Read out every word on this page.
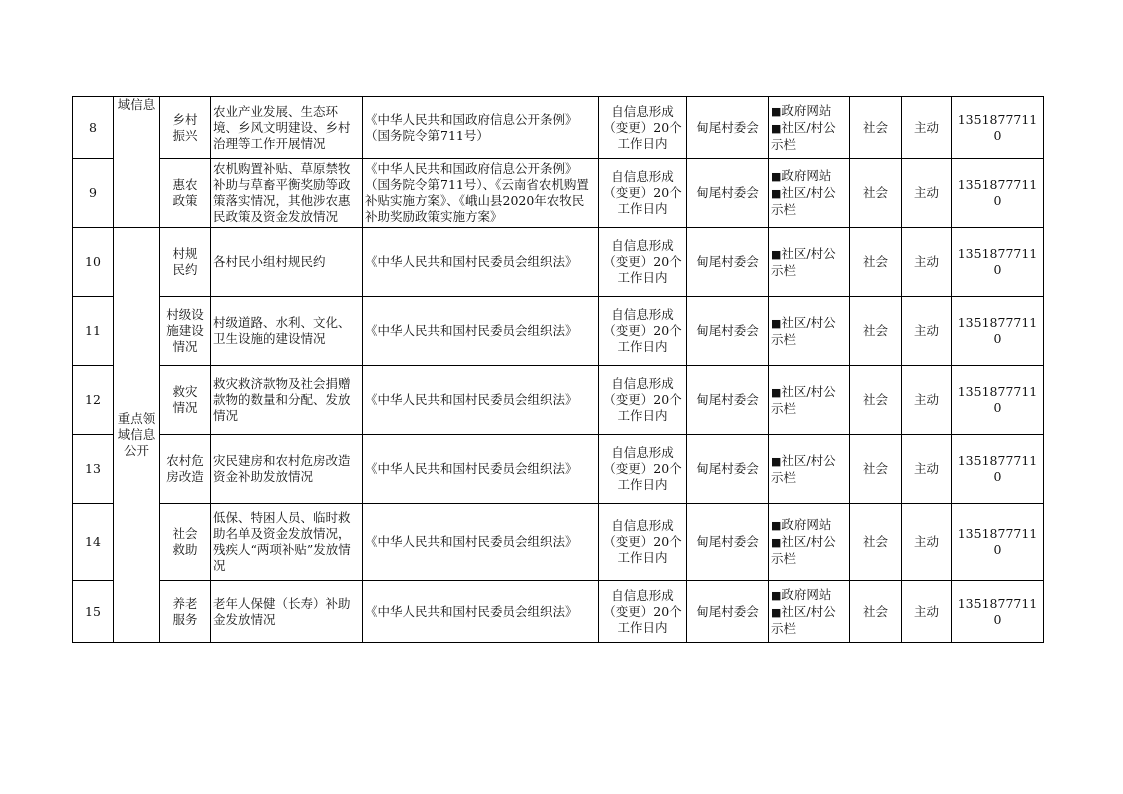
8	域信息	乡村
振兴	农业产业发展、生态环境、乡风文明建设、乡村治理等工作开展情况	《中华人民共和国政府信息公开条例》（国务院令第711号）	自信息形成
（变更）20个
工作日内	甸尾村委会	■政府网站
■社区/村公示栏	社会	主动	13518777110
9		惠农
政策	农机购置补贴、草原禁牧补助与草畜平衡奖励等政策落实情况，其他涉农惠民政策及资金发放情况	《中华人民共和国政府信息公开条例》（国务院令第711号）、《云南省农机购置补贴实施方案》、《峨山县2020年农牧民补助奖励政策实施方案》	自信息形成
（变更）20个
工作日内	甸尾村委会	■政府网站
■社区/村公示栏	社会	主动	13518777110
10	重点领域信息公开	村规
民约	各村民小组村规民约	《中华人民共和国村民委员会组织法》	自信息形成
（变更）20个
工作日内	甸尾村委会	■社区/村公示栏	社会	主动	13518777110
11		村级设
施建设
情况	村级道路、水利、文化、卫生设施的建设情况	《中华人民共和国村民委员会组织法》	自信息形成
（变更）20个
工作日内	甸尾村委会	■社区/村公示栏	社会	主动	13518777110
12		救灾
情况	救灾救济款物及社会捐赠款物的数量和分配、发放情况	《中华人民共和国村民委员会组织法》	自信息形成
（变更）20个
工作日内	甸尾村委会	■社区/村公示栏	社会	主动	13518777110
13		农村危
房改造	灾民建房和农村危房改造资金补助发放情况	《中华人民共和国村民委员会组织法》	自信息形成
（变更）20个
工作日内	甸尾村委会	■社区/村公示栏	社会	主动	13518777110
14		社会
救助	低保、特困人员、临时救助名单及资金发放情况，残疾人“两项补贴”发放情况	《中华人民共和国村民委员会组织法》	自信息形成
（变更）20个
工作日内	甸尾村委会	■政府网站
■社区/村公示栏	社会	主动	13518777110
15		养老
服务	老年人保健（长寿）补助金发放情况	《中华人民共和国村民委员会组织法》	自信息形成
（变更）20个
工作日内	甸尾村委会	■政府网站
■社区/村公示栏	社会	主动	13518777110
